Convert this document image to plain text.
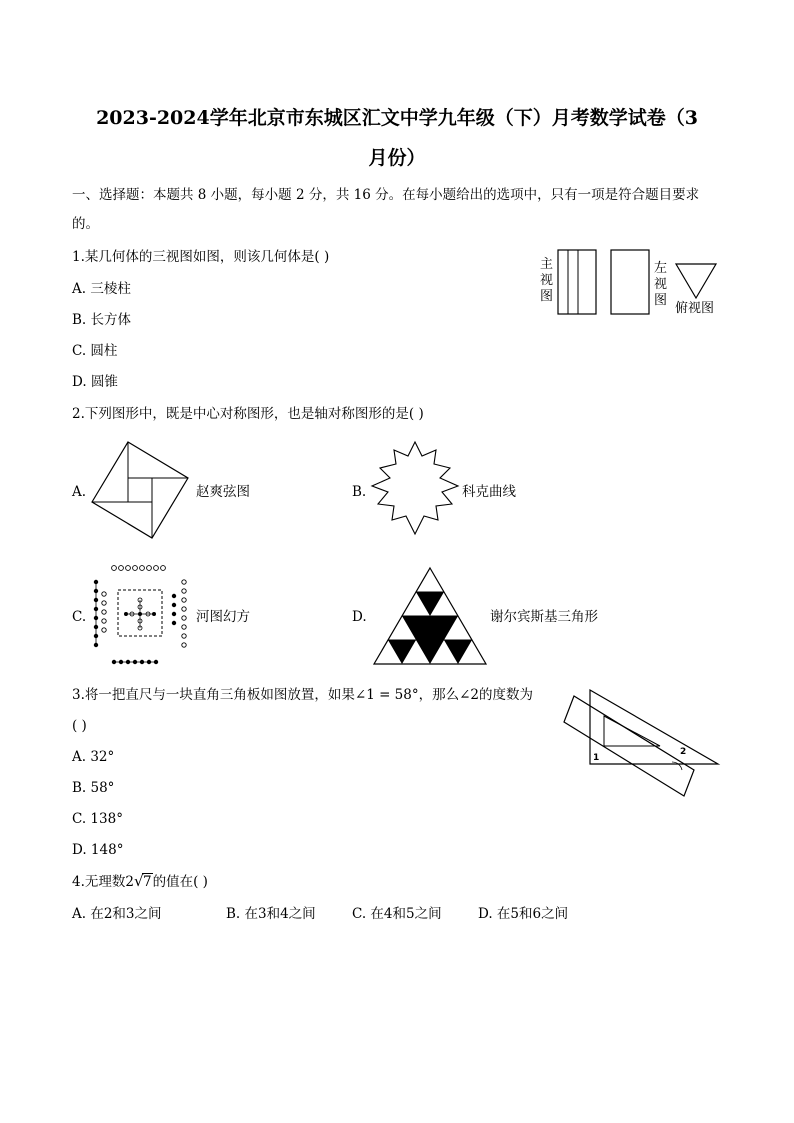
2023-2024学年北京市东城区汇文中学九年级（下）月考数学试卷（3
月份）
一、选择题：本题共 8 小题，每小题 2 分，共 16 分。在每小题给出的选项中，只有一项是符合题目要求
的。
1.某几何体的三视图如图，则该几何体是( )
A. 三棱柱
B. 长方体
C. 圆柱
D. 圆锥
主
视
图
左
视
图
俯视图
2.下列图形中，既是中心对称图形，也是轴对称图形的是( )
A.	赵爽弦图	B.	科克曲线
C.	河图幻方	D.	谢尔宾斯基三角形
3.将一把直尺与一块直角三角板如图放置，如果∠1 = 58°，那么∠2的度数为
( )
A. 32°
B. 58°
C. 138°
D. 148°
1
2
4.无理数2 √ 7的值在( )
A. 在2和3之间	B. 在3和4之间	C. 在4和5之间	D. 在5和6之间
